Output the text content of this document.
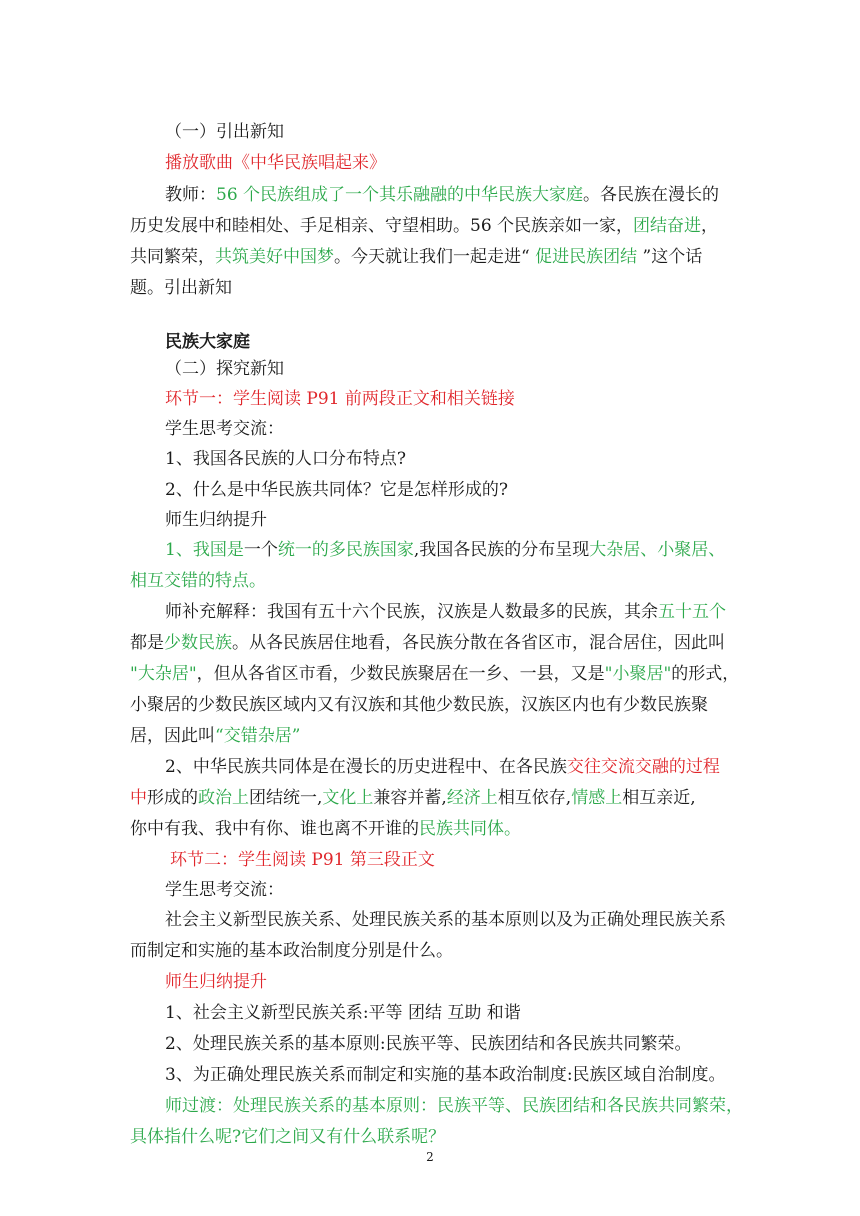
（一）引出新知
播放歌曲《中华民族唱起来》
教师：56 个民族组成了一个其乐融融的中华民族大家庭。各民族在漫长的
历史发展中和睦相处、手足相亲、守望相助。56 个民族亲如一家，团结奋进，
共同繁荣，共筑美好中国梦。今天就让我们一起走进“ 促进民族团结 ”这个话
题。引出新知
民族大家庭
（二）探究新知
环节一：学生阅读 P91 前两段正文和相关链接
学生思考交流：
1、我国各民族的人口分布特点?
2、什么是中华民族共同体？它是怎样形成的?
师生归纳提升
1、我国是一个统一的多民族国家,我国各民族的分布呈现大杂居、小聚居、
相互交错的特点。
师补充解释：我国有五十六个民族，汉族是人数最多的民族，其余五十五个
都是少数民族。从各民族居住地看，各民族分散在各省区市，混合居住，因此叫
"大杂居"，但从各省区市看，少数民族聚居在一乡、一县，又是"小聚居"的形式，
小聚居的少数民族区域内又有汉族和其他少数民族，汉族区内也有少数民族聚
居，因此叫“交错杂居”
2、中华民族共同体是在漫长的历史进程中、在各民族交往交流交融的过程
中形成的政治上团结统一,文化上兼容并蓄,经济上相互依存,情感上相互亲近,
你中有我、我中有你、谁也离不开谁的民族共同体。
环节二：学生阅读 P91 第三段正文
学生思考交流：
社会主义新型民族关系、处理民族关系的基本原则以及为正确处理民族关系
而制定和实施的基本政治制度分别是什么。
师生归纳提升
1、社会主义新型民族关系:平等 团结 互助 和谐
2、处理民族关系的基本原则:民族平等、民族团结和各民族共同繁荣。
3、为正确处理民族关系而制定和实施的基本政治制度:民族区域自治制度。
师过渡：处理民族关系的基本原则：民族平等、民族团结和各民族共同繁荣，
具体指什么呢?它们之间又有什么联系呢？
2
